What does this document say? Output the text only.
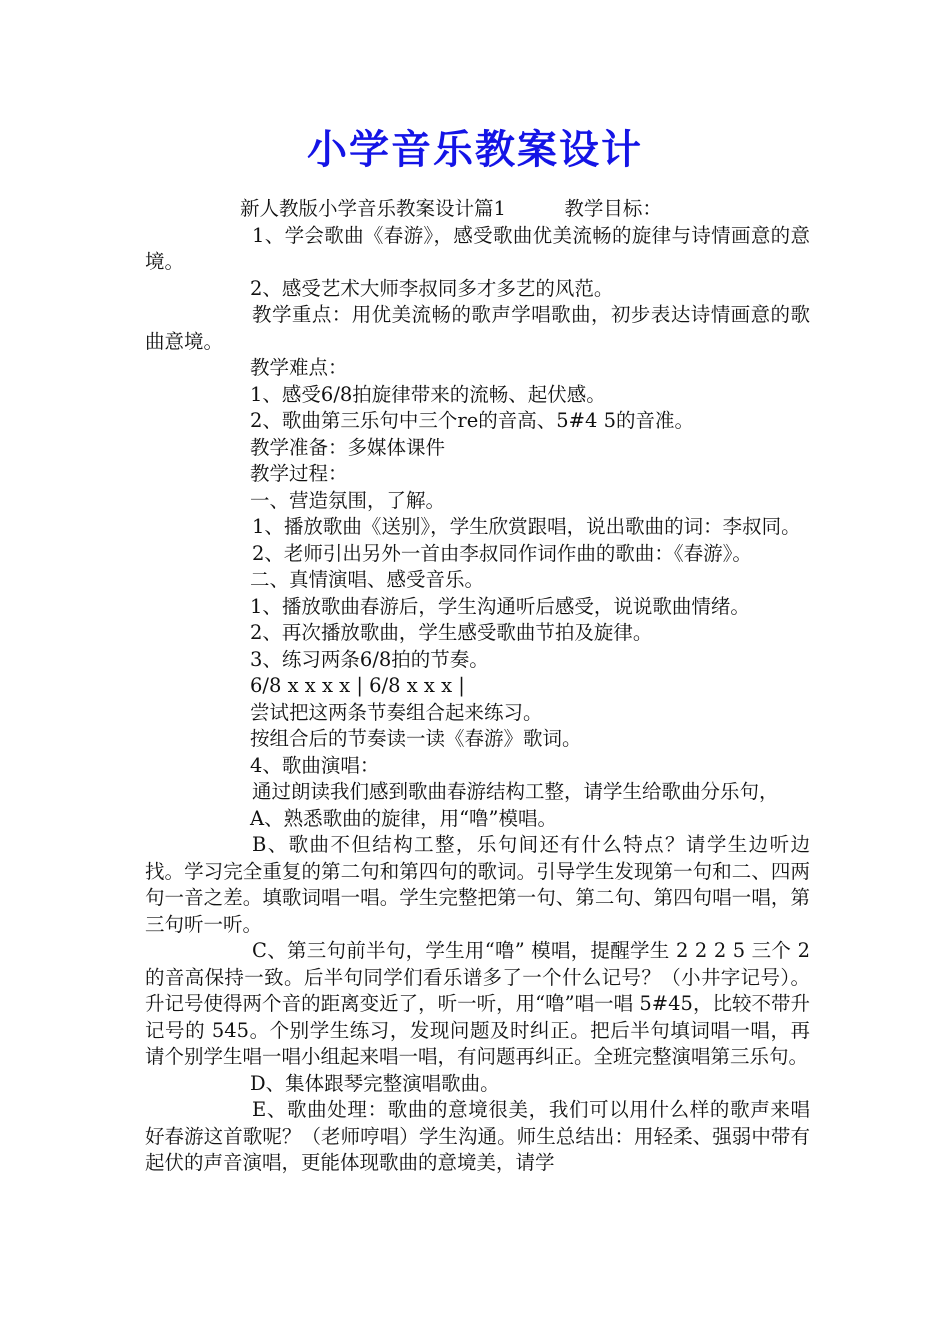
小学音乐教案设计

新人教版小学音乐教案设计篇1　　　教学目标：

1、学会歌曲《春游》，感受歌曲优美流畅的旋律与诗情画意的意境。

2、感受艺术大师李叔同多才多艺的风范。

教学重点：用优美流畅的歌声学唱歌曲，初步表达诗情画意的歌曲意境。

教学难点：

1、感受6/8拍旋律带来的流畅、起伏感。

2、歌曲第三乐句中三个re的音高、5#4 5的音准。

教学准备：多媒体课件

教学过程：

一、营造氛围，了解。

1、播放歌曲《送别》，学生欣赏跟唱，说出歌曲的词：李叔同。

2、老师引出另外一首由李叔同作词作曲的歌曲：《春游》。

二、真情演唱、感受音乐。

1、播放歌曲春游后，学生沟通听后感受，说说歌曲情绪。

2、再次播放歌曲，学生感受歌曲节拍及旋律。

3、练习两条6/8拍的节奏。

6/8 x x x x | 6/8 x x x |

尝试把这两条节奏组合起来练习。

按组合后的节奏读一读《春游》歌词。

4、歌曲演唱：

通过朗读我们感到歌曲春游结构工整，请学生给歌曲分乐句，

A、熟悉歌曲的旋律，用“噜”模唱。

B、歌曲不但结构工整，乐句间还有什么特点？请学生边听边找。学习完全重复的第二句和第四句的歌词。引导学生发现第一句和二、四两句一音之差。填歌词唱一唱。学生完整把第一句、第二句、第四句唱一唱，第三句听一听。

C、第三句前半句，学生用“噜” 模唱，提醒学生 2 2 2 5 三个 2 的音高保持一致。后半句同学们看乐谱多了一个什么记号？（小井字记号）。升记号使得两个音的距离变近了，听一听，用“噜”唱一唱 5#45，比较不带升记号的 545。个别学生练习，发现问题及时纠正。把后半句填词唱一唱，再请个别学生唱一唱小组起来唱一唱，有问题再纠正。全班完整演唱第三乐句。

D、集体跟琴完整演唱歌曲。

E、歌曲处理：歌曲的意境很美，我们可以用什么样的歌声来唱好春游这首歌呢？（老师哼唱）学生沟通。师生总结出：用轻柔、强弱中带有起伏的声音演唱，更能体现歌曲的意境美，请学
